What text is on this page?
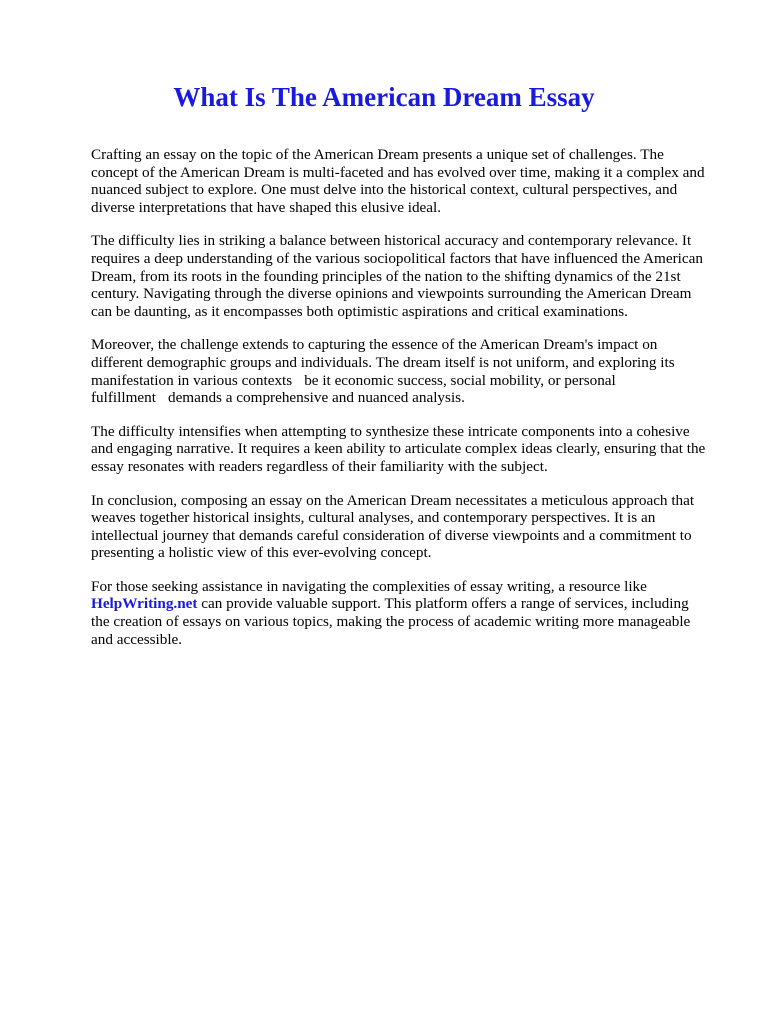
What Is The American Dream Essay

Crafting an essay on the topic of the American Dream presents a unique set of challenges. The
concept of the American Dream is multi-faceted and has evolved over time, making it a complex and
nuanced subject to explore. One must delve into the historical context, cultural perspectives, and
diverse interpretations that have shaped this elusive ideal.

The difficulty lies in striking a balance between historical accuracy and contemporary relevance. It
requires a deep understanding of the various sociopolitical factors that have influenced the American
Dream, from its roots in the founding principles of the nation to the shifting dynamics of the 21st
century. Navigating through the diverse opinions and viewpoints surrounding the American Dream
can be daunting, as it encompasses both optimistic aspirations and critical examinations.

Moreover, the challenge extends to capturing the essence of the American Dream's impact on
different demographic groups and individuals. The dream itself is not uniform, and exploring its
manifestation in various contexts be it economic success, social mobility, or personal
fulfillment demands a comprehensive and nuanced analysis.

The difficulty intensifies when attempting to synthesize these intricate components into a cohesive
and engaging narrative. It requires a keen ability to articulate complex ideas clearly, ensuring that the
essay resonates with readers regardless of their familiarity with the subject.

In conclusion, composing an essay on the American Dream necessitates a meticulous approach that
weaves together historical insights, cultural analyses, and contemporary perspectives. It is an
intellectual journey that demands careful consideration of diverse viewpoints and a commitment to
presenting a holistic view of this ever-evolving concept.

For those seeking assistance in navigating the complexities of essay writing, a resource like
HelpWriting.net can provide valuable support. This platform offers a range of services, including
the creation of essays on various topics, making the process of academic writing more manageable
and accessible.
